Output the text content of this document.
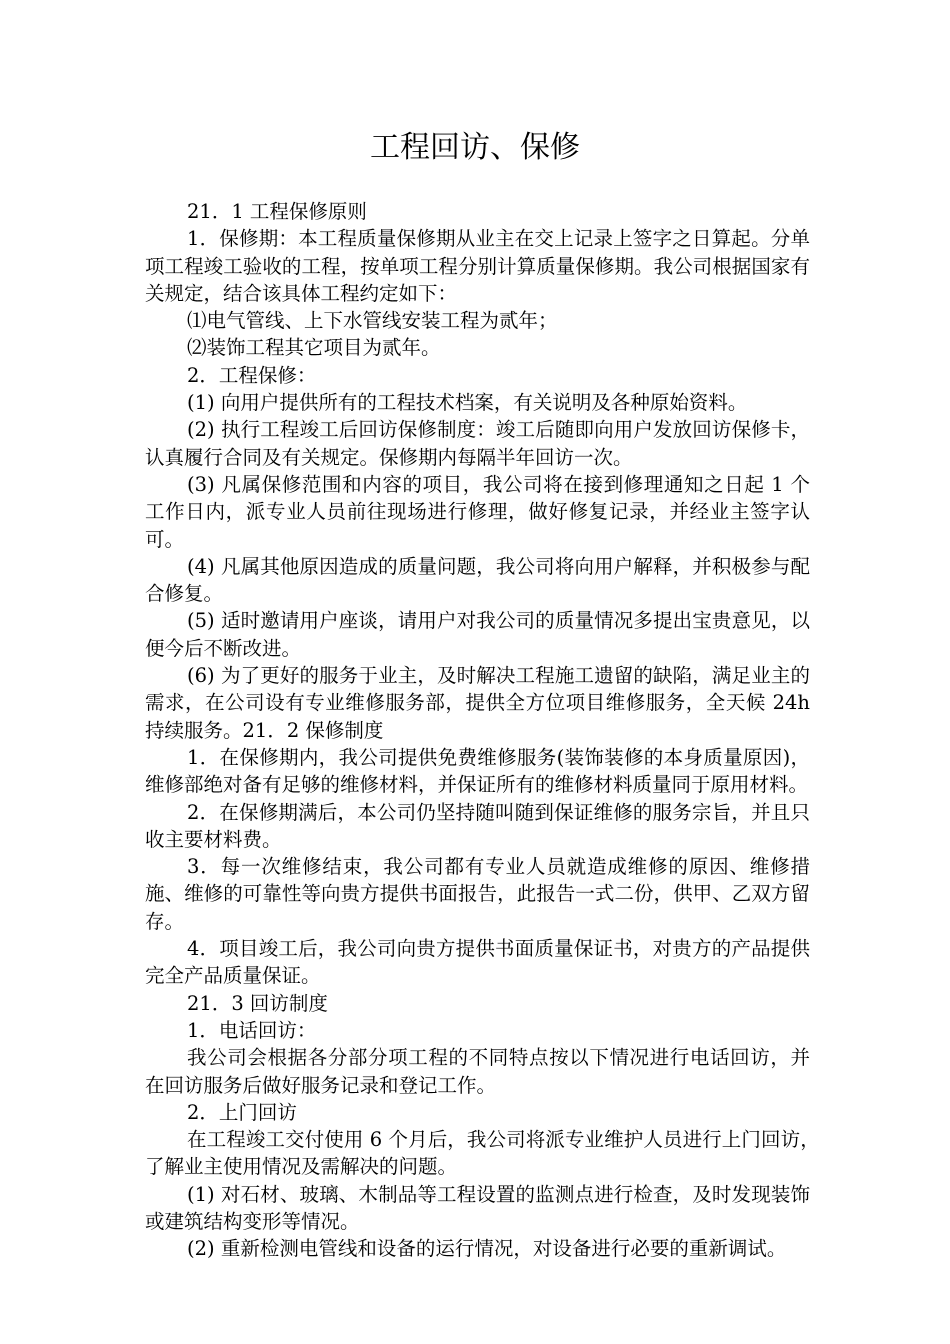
工程回访、保修

21．1 工程保修原则

1．保修期：本工程质量保修期从业主在交上记录上签字之日算起。分单项工程竣工验收的工程，按单项工程分别计算质量保修期。我公司根据国家有关规定，结合该具体工程约定如下：

⑴电气管线、上下水管线安装工程为贰年；

⑵装饰工程其它项目为贰年。

2．工程保修：

(1) 向用户提供所有的工程技术档案，有关说明及各种原始资料。

(2) 执行工程竣工后回访保修制度：竣工后随即向用户发放回访保修卡，认真履行合同及有关规定。保修期内每隔半年回访一次。

(3) 凡属保修范围和内容的项目，我公司将在接到修理通知之日起 1 个工作日内，派专业人员前往现场进行修理，做好修复记录，并经业主签字认可。

(4) 凡属其他原因造成的质量问题，我公司将向用户解释，并积极参与配合修复。

(5) 适时邀请用户座谈，请用户对我公司的质量情况多提出宝贵意见，以便今后不断改进。

(6) 为了更好的服务于业主，及时解决工程施工遗留的缺陷，满足业主的需求，在公司设有专业维修服务部，提供全方位项目维修服务，全天候 24h 持续服务。21．2 保修制度

1．在保修期内，我公司提供免费维修服务(装饰装修的本身质量原因)，维修部绝对备有足够的维修材料，并保证所有的维修材料质量同于原用材料。

2．在保修期满后，本公司仍坚持随叫随到保证维修的服务宗旨，并且只收主要材料费。

3．每一次维修结束，我公司都有专业人员就造成维修的原因、维修措施、维修的可靠性等向贵方提供书面报告，此报告一式二份，供甲、乙双方留存。

4．项目竣工后，我公司向贵方提供书面质量保证书，对贵方的产品提供完全产品质量保证。

21．3 回访制度

1．电话回访：

我公司会根据各分部分项工程的不同特点按以下情况进行电话回访，并在回访服务后做好服务记录和登记工作。

2．上门回访

在工程竣工交付使用 6 个月后，我公司将派专业维护人员进行上门回访，　 了解业主使用情况及需解决的问题。

(1) 对石材、玻璃、木制品等工程设置的监测点进行检查，及时发现装饰或建筑结构变形等情况。

(2) 重新检测电管线和设备的运行情况，对设备进行必要的重新调试。
